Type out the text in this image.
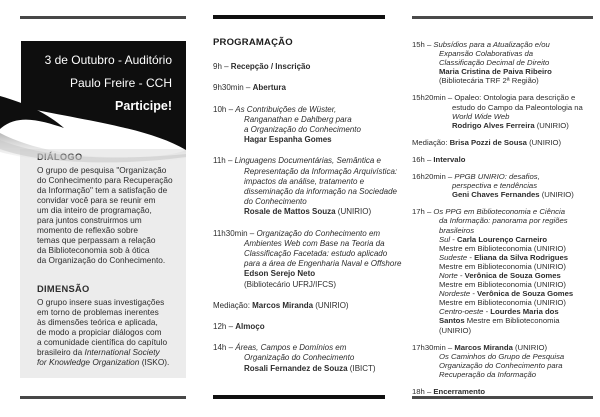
O grupo de pesquisa "Organização
do Conhecimento para Recuperação
da Informação" tem a satisfação de
convidar você para se reunir em
um dia inteiro de programação,
para juntos construirmos um
momento de reflexão sobre
temas que perpassam a relação
da Biblioteconomia sob à ótica
da Organização do Conhecimento.
DIMENSÃO
O grupo insere suas investigações
em torno de problemas inerentes
às dimensões teórica e aplicada,
de modo a propiciar diálogos com
a comunidade científica do capítulo
brasileiro da International Society
for Knowledge Organization (ISKO).
3 de Outubro - Auditório
Paulo Freire - CCH
Participe!
PROGRAMAÇÃO
9h – Recepção / Inscrição
9h30min – Abertura
10h – As Contribuições de Wüster,
Ranganathan e Dahlberg para
a Organização do Conhecimento
Hagar Espanha Gomes
11h – Linguagens Documentárias, Semântica e
Representação da Informação Arquivística:
impactos da análise, tratamento e
disseminação da informação na Sociedade
do Conhecimento
Rosale de Mattos Souza (UNIRIO)
11h30min – Organização do Conhecimento em
Ambientes Web com Base na Teoria da
Classificação Facetada: estudo aplicado
para a área de Engenharia Naval e Offshore
Edson Serejo Neto
(Bibliotecário UFRJ/IFCS)
Mediação: Marcos Miranda (UNIRIO)
12h – Almoço
14h – Áreas, Campos e Domínios em
Organização do Conhecimento
Rosali Fernandez de Souza (IBICT)
15h – Subsídios para a Atualização e/ou
Expansão Colaborativas da
Classificação Decimal de Direito
Maria Cristina de Paiva Ribeiro
(Bibliotecária TRF 2ª Região)
15h20min – Opaleo: Ontologia para descrição e
estudo do Campo da Paleontologia na
World Wide Web
Rodrigo Alves Ferreira (UNIRIO)
Mediação: Brisa Pozzi de Sousa (UNIRIO)
16h – Intervalo
16h20min – PPGB UNIRIO: desafios,
perspectiva e tendências
Geni Chaves Fernandes (UNIRIO)
17h – Os PPG em Biblioteconomia e Ciência
da Informação: panorama por regiões
brasileiros
Sul - Carla Lourenço Carneiro
Mestre em Biblioteconomia (UNIRIO)
Sudeste - Eliana da Silva Rodrigues
Mestre em Biblioteconomia (UNIRIO)
Norte - Verônica de Souza Gomes
Mestre em Biblioteconomia (UNIRIO)
Nordeste - Verônica de Souza Gomes
Mestre em Biblioteconomia (UNIRIO)
Centro-oeste - Lourdes Maria dos
Santos Mestre em Biblioteconomia
(UNIRIO)
17h30min – Marcos Miranda (UNIRIO)
Os Caminhos do Grupo de Pesquisa
Organização do Conhecimento para
Recuperação da Informação
18h – Encerramento
